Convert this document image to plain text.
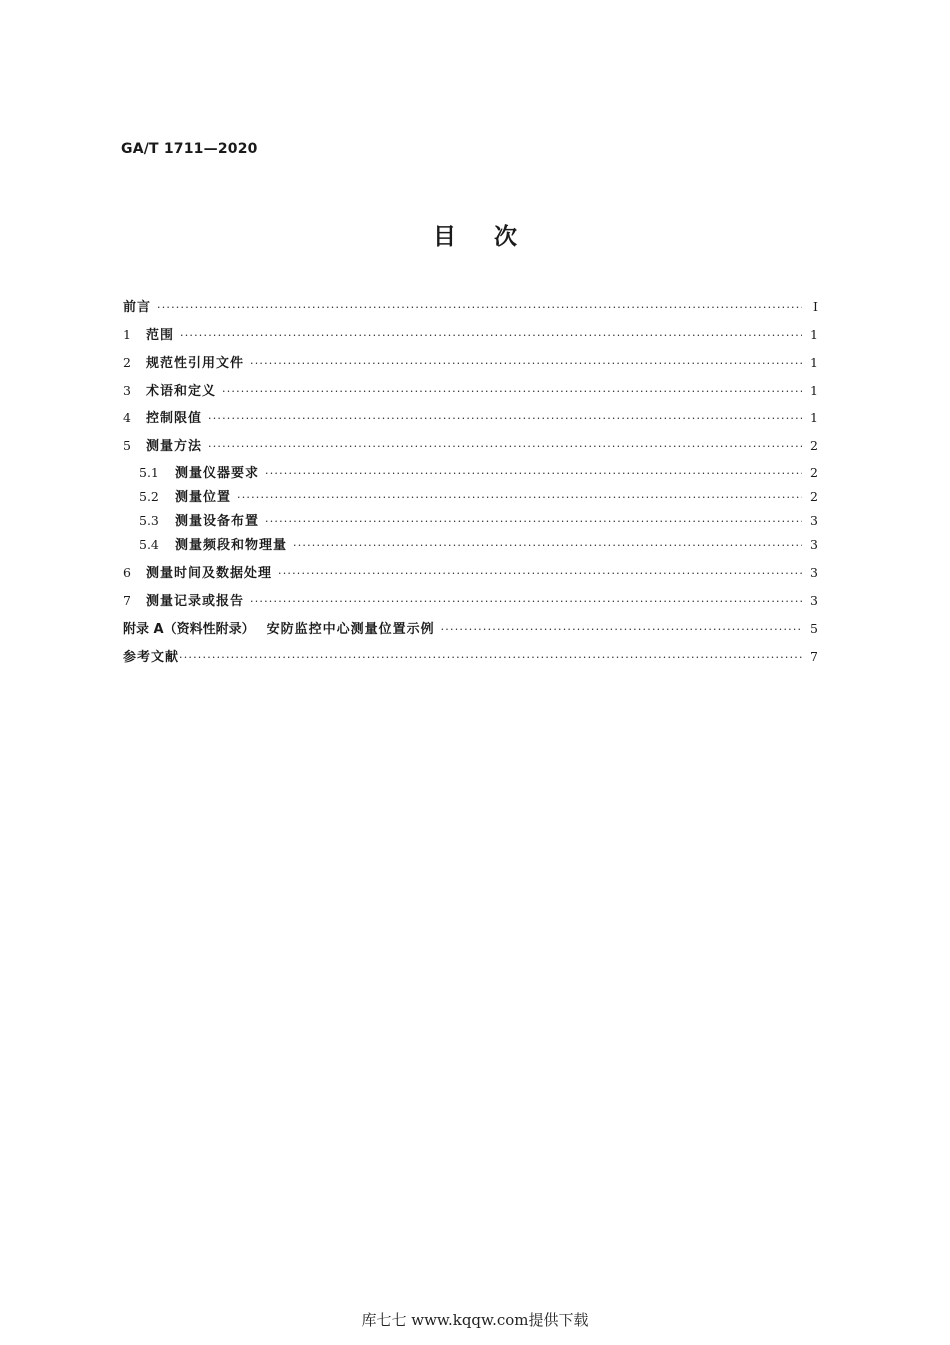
GA/T 1711—2020
目次
前言 ·····	I
1	范围 ·····	1
2	规范性引用文件 ·····	1
3	术语和定义 ·····	1
4	控制限值 ·····	1
5	测量方法 ·····	2
5.1	测量仪器要求 ·····	2
5.2	测量位置 ·····	2
5.3	测量设备布置 ·····	3
5.4	测量频段和物理量 ·····	3
6	测量时间及数据处理 ·····	3
7	测量记录或报告 ·····	3
附录 A（资料性附录） 安防监控中心测量位置示例 ·····	5
参考文献 ·····	7
库七七 www.kqqw.com提供下载
